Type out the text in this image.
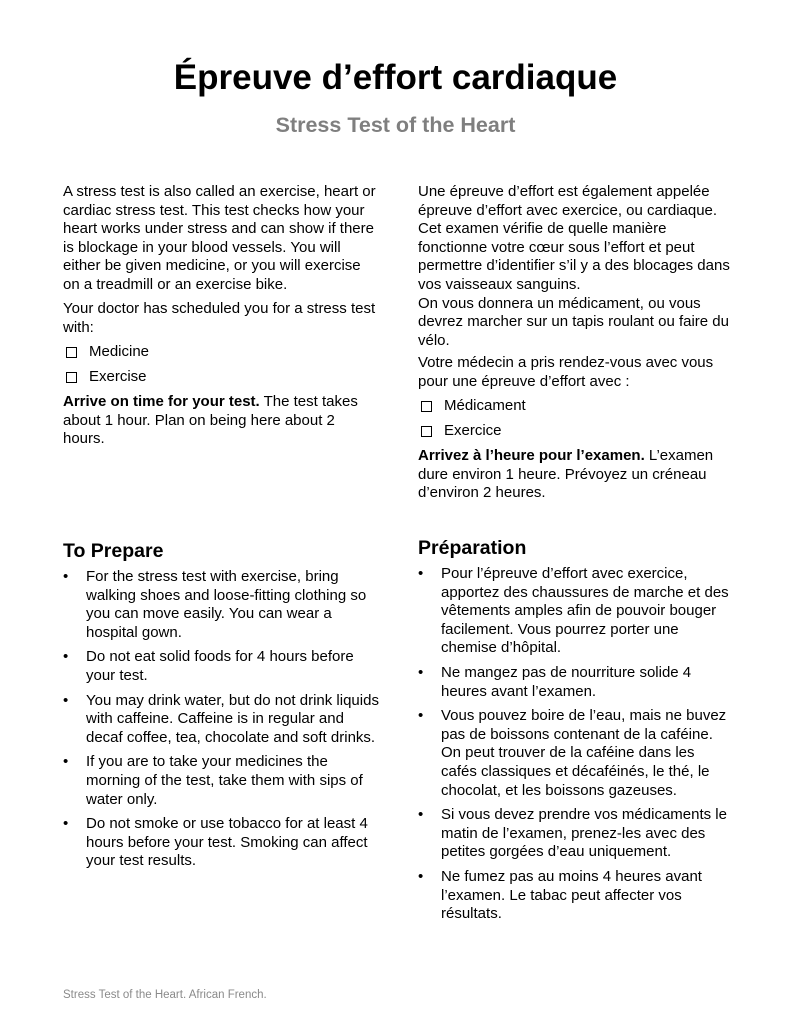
Épreuve d’effort cardiaque
Stress Test of the Heart

A stress test is also called an exercise, heart or cardiac stress test. This test checks how your heart works under stress and can show if there is blockage in your blood vessels. You will either be given medicine, or you will exercise on a treadmill or an exercise bike.

Your doctor has scheduled you for a stress test with:

Medicine
Exercise

Arrive on time for your test. The test takes about 1 hour. Plan on being here about 2 hours.

Une épreuve d’effort est également appelée épreuve d’effort avec exercice, ou cardiaque. Cet examen vérifie de quelle manière fonctionne votre cœur sous l’effort et peut permettre d’identifier s’il y a des blocages dans vos vaisseaux sanguins.
On vous donnera un médicament, ou vous devrez marcher sur un tapis roulant ou faire du vélo.

Votre médecin a pris rendez-vous avec vous pour une épreuve d’effort avec :

Médicament
Exercice

Arrivez à l’heure pour l’examen. L’examen dure environ 1 heure. Prévoyez un créneau d’environ 2 heures.

To Prepare	Préparation
• For the stress test with exercise, bring walking shoes and loose-fitting clothing so you can move easily. You can wear a hospital gown.
• Do not eat solid foods for 4 hours before your test.
• You may drink water, but do not drink liquids with caffeine. Caffeine is in regular and decaf coffee, tea, chocolate and soft drinks.
• If you are to take your medicines the morning of the test, take them with sips of water only.
• Do not smoke or use tobacco for at least 4 hours before your test. Smoking can affect your test results.
• Pour l’épreuve d’effort avec exercice, apportez des chaussures de marche et des vêtements amples afin de pouvoir bouger facilement. Vous pourrez porter une chemise d’hôpital.
• Ne mangez pas de nourriture solide 4 heures avant l’examen.
• Vous pouvez boire de l’eau, mais ne buvez pas de boissons contenant de la caféine. On peut trouver de la caféine dans les cafés classiques et décaféinés, le thé, le chocolat, et les boissons gazeuses.
• Si vous devez prendre vos médicaments le matin de l’examen, prenez-les avec des petites gorgées d’eau uniquement.
• Ne fumez pas au moins 4 heures avant l’examen. Le tabac peut affecter vos résultats.
Stress Test of the Heart. African French.
